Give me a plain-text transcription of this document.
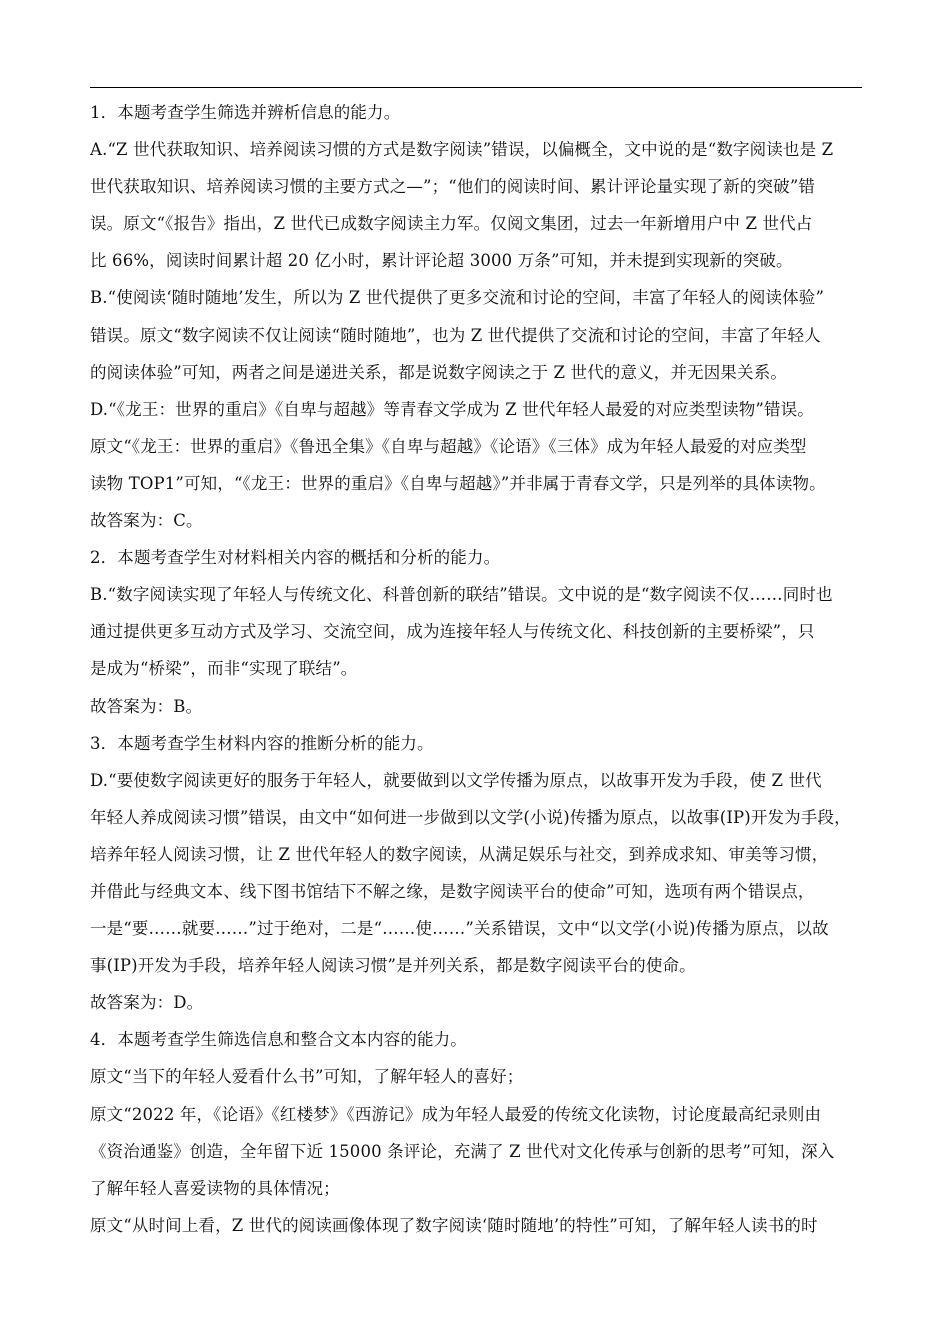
1．本题考查学生筛选并辨析信息的能力。
A.“Z 世代获取知识、培养阅读习惯的方式是数字阅读”错误，以偏概全，文中说的是“数字阅读也是 Z
世代获取知识、培养阅读习惯的主要方式之—”；“他们的阅读时间、累计评论量实现了新的突破”错
误。原文“《报告》指出，Z 世代已成数字阅读主力军。仅阅文集团，过去一年新增用户中 Z 世代占
比 66%，阅读时间累计超 20 亿小时，累计评论超 3000 万条”可知，并未提到实现新的突破。
B.“使阅读‘随时随地’发生，所以为 Z 世代提供了更多交流和讨论的空间，丰富了年轻人的阅读体验”
错误。原文“数字阅读不仅让阅读“随时随地”，也为 Z 世代提供了交流和讨论的空间，丰富了年轻人
的阅读体验”可知，两者之间是递进关系，都是说数字阅读之于 Z 世代的意义，并无因果关系。
D.“《龙王：世界的重启》《自卑与超越》等青春文学成为 Z 世代年轻人最爱的对应类型读物”错误。
原文“《龙王：世界的重启》《鲁迅全集》《自卑与超越》《论语》《三体》成为年轻人最爱的对应类型
读物 TOP1”可知，“《龙王：世界的重启》《自卑与超越》”并非属于青春文学，只是列举的具体读物。
故答案为：C。
2．本题考查学生对材料相关内容的概括和分析的能力。
B.“数字阅读实现了年轻人与传统文化、科普创新的联结”错误。文中说的是“数字阅读不仅……同时也
通过提供更多互动方式及学习、交流空间，成为连接年轻人与传统文化、科技创新的主要桥梁”，只
是成为“桥梁”，而非“实现了联结”。
故答案为：B。
3．本题考查学生材料内容的推断分析的能力。
D.“要使数字阅读更好的服务于年轻人，就要做到以文学传播为原点，以故事开发为手段，使 Z 世代
年轻人养成阅读习惯”错误，由文中“如何进一步做到以文学(小说)传播为原点，以故事(IP)开发为手段，
培养年轻人阅读习惯，让 Z 世代年轻人的数字阅读，从满足娱乐与社交，到养成求知、审美等习惯，
并借此与经典文本、线下图书馆结下不解之缘，是数字阅读平台的使命”可知，选项有两个错误点，
一是“要……就要……”过于绝对，二是“……使……”关系错误，文中“以文学(小说)传播为原点，以故
事(IP)开发为手段，培养年轻人阅读习惯”是并列关系，都是数字阅读平台的使命。
故答案为：D。
4．本题考查学生筛选信息和整合文本内容的能力。
原文“当下的年轻人爱看什么书”可知，了解年轻人的喜好；
原文“2022 年，《论语》《红楼梦》《西游记》成为年轻人最爱的传统文化读物，讨论度最高纪录则由
《资治通鉴》创造，全年留下近 15000 条评论，充满了 Z 世代对文化传承与创新的思考”可知，深入
了解年轻人喜爱读物的具体情况；
原文“从时间上看，Z 世代的阅读画像体现了数字阅读‘随时随地’的特性”可知，了解年轻人读书的时
